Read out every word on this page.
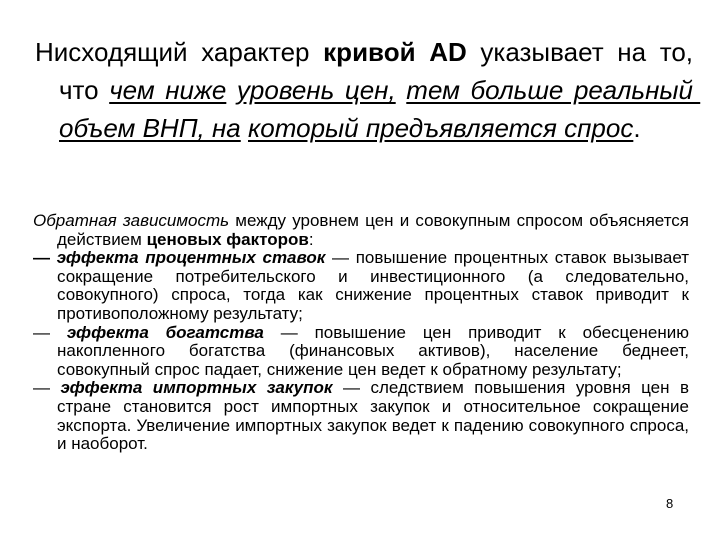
Нисходящий характер кривой AD указывает на то, что чем ниже уровень цен, тем больше реальный объем ВНП, на который предъявляется спрос.

Обратная зависимость между уровнем цен и совокупным спросом объясняется действием ценовых факторов:

— эффекта процентных ставок — повышение процентных ставок вызывает сокращение потребительского и инвестиционного (а следовательно, совокупного) спроса, тогда как снижение процентных ставок приводит к противоположному результату;

— эффекта богатства — повышение цен приводит к обесценению накопленного богатства (финансовых активов), население беднеет, совокупный спрос падает, снижение цен ведет к обратному результату;

— эффекта импортных закупок — следствием повышения уровня цен в стране становится рост импортных закупок и относительное сокращение экспорта. Увеличение импортных закупок ведет к падению совокупного спроса, и наоборот.

8
